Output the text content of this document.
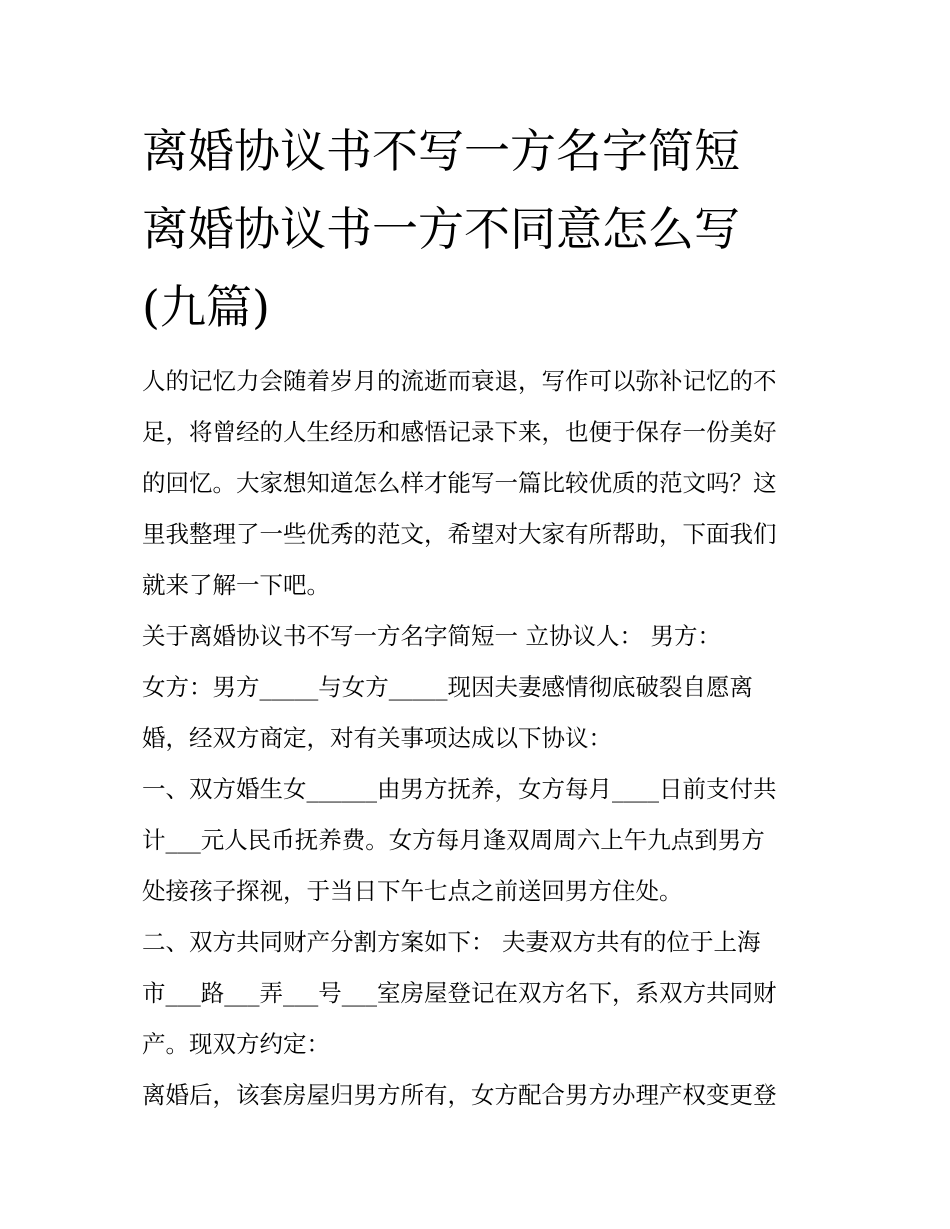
离婚协议书不写一方名字简短
离婚协议书一方不同意怎么写
(九篇)
人的记忆力会随着岁月的流逝而衰退，写作可以弥补记忆的不
足，将曾经的人生经历和感悟记录下来，也便于保存一份美好
的回忆。大家想知道怎么样才能写一篇比较优质的范文吗？这
里我整理了一些优秀的范文，希望对大家有所帮助，下面我们
就来了解一下吧。
关于离婚协议书不写一方名字简短一 立协议人： 男方：
女方：男方_____与女方_____现因夫妻感情彻底破裂自愿离
婚，经双方商定，对有关事项达成以下协议：
一、双方婚生女______由男方抚养，女方每月____日前支付共
计___元人民币抚养费。女方每月逢双周周六上午九点到男方
处接孩子探视，于当日下午七点之前送回男方住处。
二、双方共同财产分割方案如下： 夫妻双方共有的位于上海
市___路___弄___号___室房屋登记在双方名下，系双方共同财
产。现双方约定：
离婚后，该套房屋归男方所有，女方配合男方办理产权变更登
